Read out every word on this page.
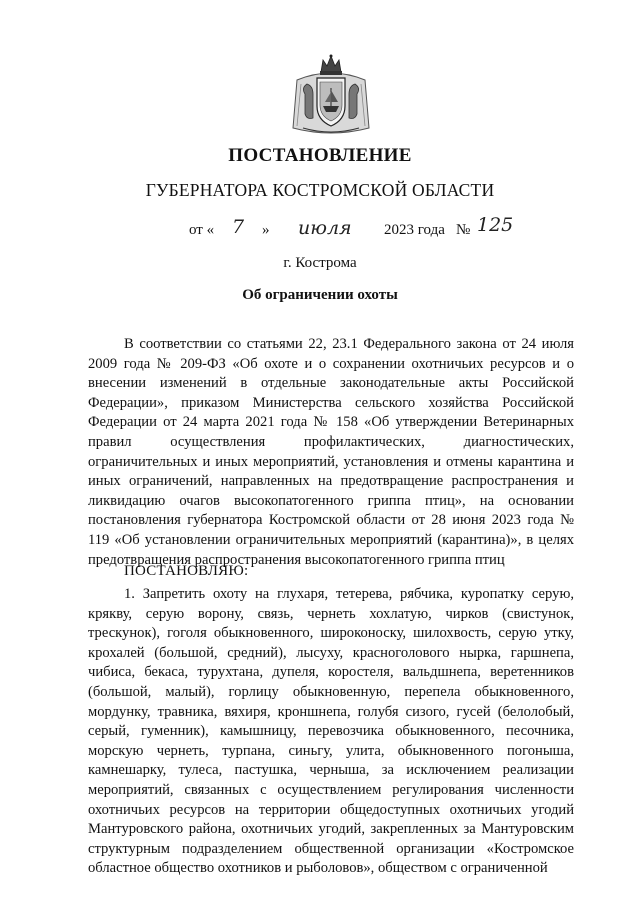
ПОСТАНОВЛЕНИЕ
ГУБЕРНАТОРА КОСТРОМСКОЙ ОБЛАСТИ
от « 7 » июля 2023 года № 125
г. Кострома
Об ограничении охоты
В соответствии со статьями 22, 23.1 Федерального закона от 24 июля 2009 года № 209-ФЗ «Об охоте и о сохранении охотничьих ресурсов и о внесении изменений в отдельные законодательные акты Российской Федерации», приказом Министерства сельского хозяйства Российской Федерации от 24 марта 2021 года № 158 «Об утверждении Ветеринарных правил осуществления профилактических, диагностических, ограничительных и иных мероприятий, установления и отмены карантина и иных ограничений, направленных на предотвращение распространения и ликвидацию очагов высокопатогенного гриппа птиц», на основании постановления губернатора Костромской области от 28 июня 2023 года № 119 «Об установлении ограничительных мероприятий (карантина)», в целях предотвращения распространения высокопатогенного гриппа птиц
ПОСТАНОВЛЯЮ:
1. Запретить охоту на глухаря, тетерева, рябчика, куропатку серую, крякву, серую ворону, связь, чернеть хохлатую, чирков (свистунок, трескунок), гоголя обыкновенного, широконоску, шилохвость, серую утку, крохалей (большой, средний), лысуху, красноголового нырка, гаршнепа, чибиса, бекаса, турухтана, дупеля, коростеля, вальдшнепа, веретенников (большой, малый), горлицу обыкновенную, перепела обыкновенного, мордунку, травника, вяхиря, кроншнепа, голубя сизого, гусей (белолобый, серый, гуменник), камышницу, перевозчика обыкновенного, песочника, морскую чернеть, турпана, синьгу, улита, обыкновенного погоныша, камнешарку, тулеса, пастушка, чернышa, за исключением реализации мероприятий, связанных с осуществлением регулирования численности охотничьих ресурсов на территории общедоступных охотничьих угодий Мантуровского района, охотничьих угодий, закрепленных за Мантуровским структурным подразделением общественной организации «Костромское областное общество охотников и рыболовов», обществом с ограниченной
